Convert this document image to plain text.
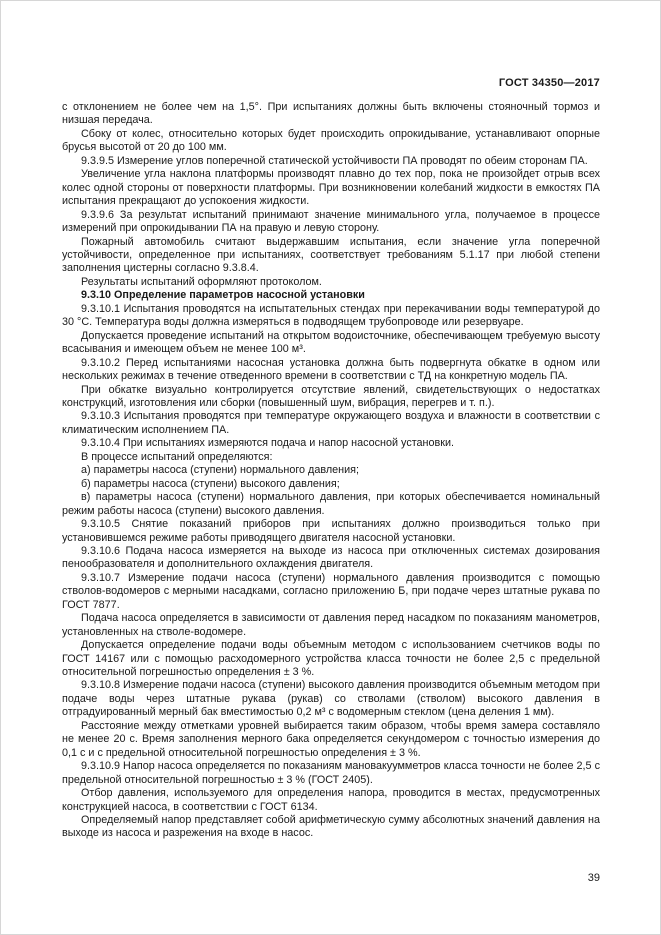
ГОСТ 34350—2017

с отклонением не более чем на 1,5°. При испытаниях должны быть включены стояночный тормоз и низшая передача.

Сбоку от колес, относительно которых будет происходить опрокидывание, устанавливают опорные брусья высотой от 20 до 100 мм.

9.3.9.5 Измерение углов поперечной статической устойчивости ПА проводят по обеим сторонам ПА.

Увеличение угла наклона платформы производят плавно до тех пор, пока не произойдет отрыв всех колес одной стороны от поверхности платформы. При возникновении колебаний жидкости в емкостях ПА испытания прекращают до успокоения жидкости.

9.3.9.6 За результат испытаний принимают значение минимального угла, получаемое в процессе измерений при опрокидывании ПА на правую и левую сторону.

Пожарный автомобиль считают выдержавшим испытания, если значение угла поперечной устойчивости, определенное при испытаниях, соответствует требованиям 5.1.17 при любой степени заполнения цистерны согласно 9.3.8.4.

Результаты испытаний оформляют протоколом.

9.3.10 Определение параметров насосной установки

9.3.10.1 Испытания проводятся на испытательных стендах при перекачивании воды температурой до 30 °С. Температура воды должна измеряться в подводящем трубопроводе или резервуаре.

Допускается проведение испытаний на открытом водоисточнике, обеспечивающем требуемую высоту всасывания и имеющем объем не менее 100 м³.

9.3.10.2 Перед испытаниями насосная установка должна быть подвергнута обкатке в одном или нескольких режимах в течение отведенного времени в соответствии с ТД на конкретную модель ПА.

При обкатке визуально контролируется отсутствие явлений, свидетельствующих о недостатках конструкций, изготовления или сборки (повышенный шум, вибрация, перегрев и т. п.).

9.3.10.3 Испытания проводятся при температуре окружающего воздуха и влажности в соответствии с климатическим исполнением ПА.

9.3.10.4 При испытаниях измеряются подача и напор насосной установки.

В процессе испытаний определяются:

а) параметры насоса (ступени) нормального давления;

б) параметры насоса (ступени) высокого давления;

в) параметры насоса (ступени) нормального давления, при которых обеспечивается номинальный режим работы насоса (ступени) высокого давления.

9.3.10.5 Снятие показаний приборов при испытаниях должно производиться только при установившемся режиме работы приводящего двигателя насосной установки.

9.3.10.6 Подача насоса измеряется на выходе из насоса при отключенных системах дозирования пенообразователя и дополнительного охлаждения двигателя.

9.3.10.7 Измерение подачи насоса (ступени) нормального давления производится с помощью стволов-водомеров с мерными насадками, согласно приложению Б, при подаче через штатные рукава по ГОСТ 7877.

Подача насоса определяется в зависимости от давления перед насадком по показаниям манометров, установленных на стволе-водомере.

Допускается определение подачи воды объемным методом с использованием счетчиков воды по ГОСТ 14167 или с помощью расходомерного устройства класса точности не более 2,5 с предельной относительной погрешностью определения ± 3 %.

9.3.10.8 Измерение подачи насоса (ступени) высокого давления производится объемным методом при подаче воды через штатные рукава (рукав) со стволами (стволом) высокого давления в отградуированный мерный бак вместимостью 0,2 м³ с водомерным стеклом (цена деления 1 мм).

Расстояние между отметками уровней выбирается таким образом, чтобы время замера составляло не менее 20 с. Время заполнения мерного бака определяется секундомером с точностью измерения до 0,1 с и с предельной относительной погрешностью определения ± 3 %.

9.3.10.9 Напор насоса определяется по показаниям мановакуумметров класса точности не более 2,5 с предельной относительной погрешностью ± 3 % (ГОСТ 2405).

Отбор давления, используемого для определения напора, проводится в местах, предусмотренных конструкцией насоса, в соответствии с ГОСТ 6134.

Определяемый напор представляет собой арифметическую сумму абсолютных значений давления на выходе из насоса и разрежения на входе в насос.

39
